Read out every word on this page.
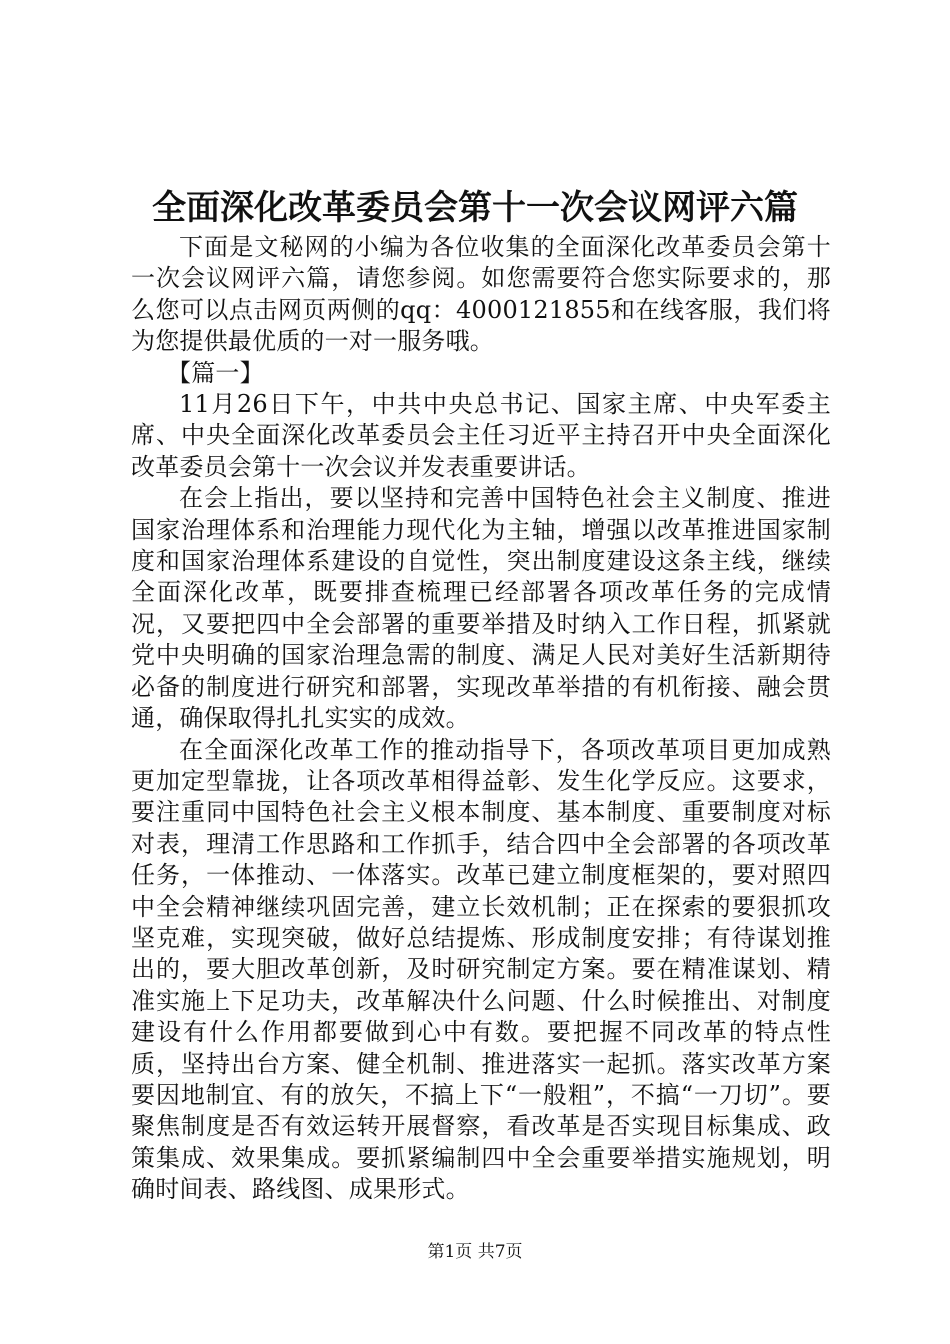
全面深化改革委员会第十一次会议网评六篇

下面是文秘网的小编为各位收集的全面深化改革委员会第十一次会议网评六篇，请您参阅。如您需要符合您实际要求的，那么您可以点击网页两侧的qq：4000121855和在线客服，我们将为您提供最优质的一对一服务哦。

【篇一】

11月26日下午，中共中央总书记、国家主席、中央军委主席、中央全面深化改革委员会主任习近平主持召开中央全面深化改革委员会第十一次会议并发表重要讲话。

在会上指出，要以坚持和完善中国特色社会主义制度、推进国家治理体系和治理能力现代化为主轴，增强以改革推进国家制度和国家治理体系建设的自觉性，突出制度建设这条主线，继续全面深化改革，既要排查梳理已经部署各项改革任务的完成情况，又要把四中全会部署的重要举措及时纳入工作日程，抓紧就党中央明确的国家治理急需的制度、满足人民对美好生活新期待必备的制度进行研究和部署，实现改革举措的有机衔接、融会贯通，确保取得扎扎实实的成效。

在全面深化改革工作的推动指导下，各项改革项目更加成熟更加定型靠拢，让各项改革相得益彰、发生化学反应。这要求，要注重同中国特色社会主义根本制度、基本制度、重要制度对标对表，理清工作思路和工作抓手，结合四中全会部署的各项改革任务，一体推动、一体落实。改革已建立制度框架的，要对照四中全会精神继续巩固完善，建立长效机制；正在探索的要狠抓攻坚克难，实现突破，做好总结提炼、形成制度安排；有待谋划推出的，要大胆改革创新，及时研究制定方案。要在精准谋划、精准实施上下足功夫，改革解决什么问题、什么时候推出、对制度建设有什么作用都要做到心中有数。要把握不同改革的特点性质，坚持出台方案、健全机制、推进落实一起抓。落实改革方案要因地制宜、有的放矢，不搞上下“一般粗”，不搞“一刀切”。要聚焦制度是否有效运转开展督察，看改革是否实现目标集成、政策集成、效果集成。要抓紧编制四中全会重要举措实施规划，明确时间表、路线图、成果形式。

第1页 共7页
